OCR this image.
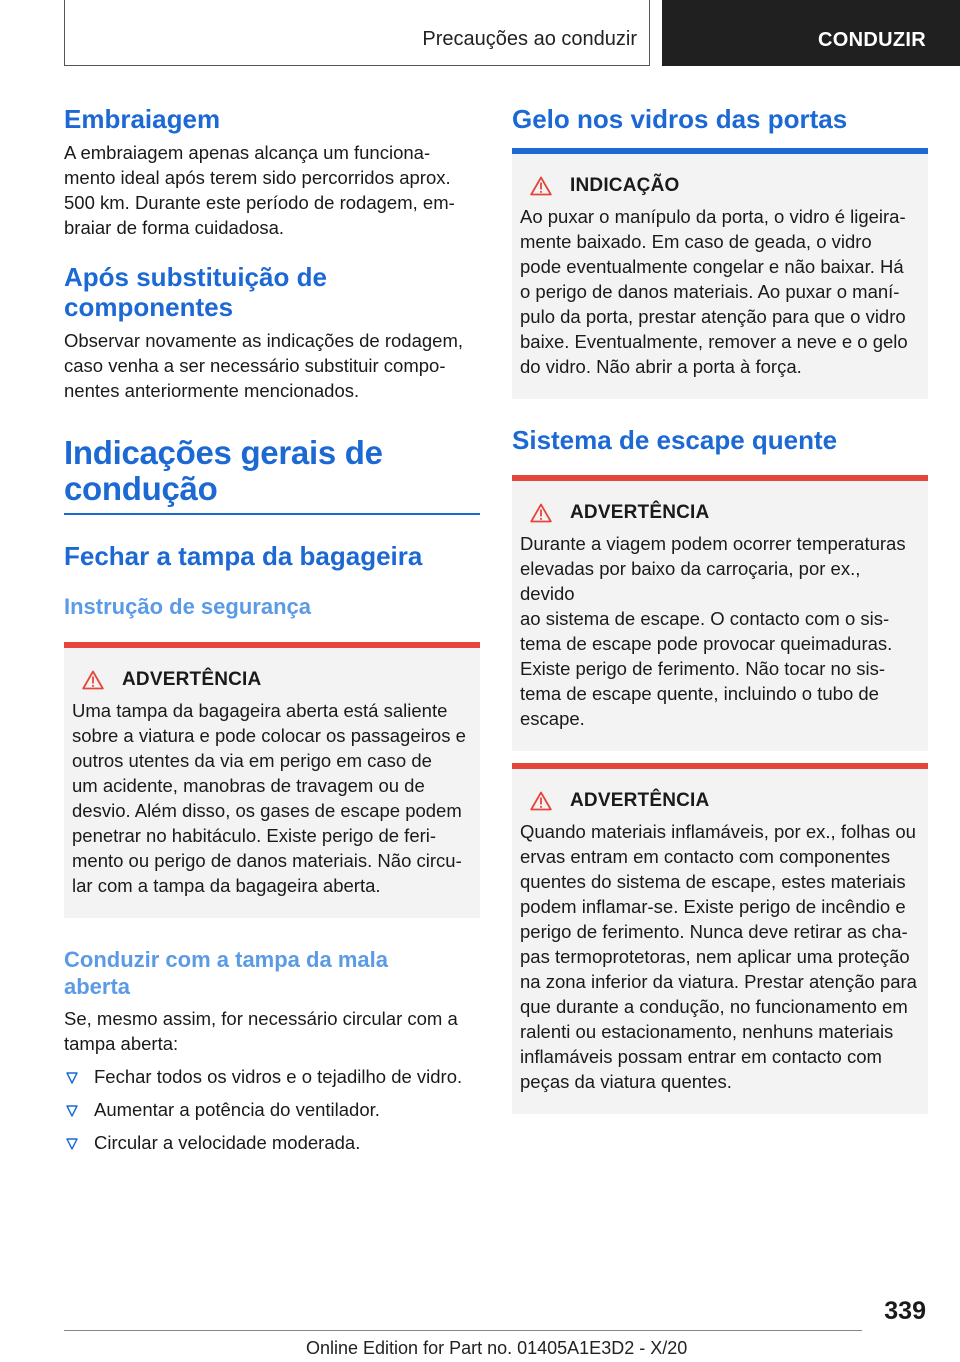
Precauções ao conduzir	CONDUZIR
Embraiagem
A embraiagem apenas alcança um funciona-
mento ideal após terem sido percorridos aprox.
500 km. Durante este período de rodagem, em-
braiar de forma cuidadosa.
Após substituição de
componentes
Observar novamente as indicações de rodagem,
caso venha a ser necessário substituir compo-
nentes anteriormente mencionados.
Indicações gerais de
condução
Fechar a tampa da bagageira
Instrução de segurança
ADVERTÊNCIA
Uma tampa da bagageira aberta está saliente
sobre a viatura e pode colocar os passageiros e
outros utentes da via em perigo em caso de
um acidente, manobras de travagem ou de
desvio. Além disso, os gases de escape podem
penetrar no habitáculo. Existe perigo de feri-
mento ou perigo de danos materiais. Não circu-
lar com a tampa da bagageira aberta.
Conduzir com a tampa da mala
aberta
Se, mesmo assim, for necessário circular com a
tampa aberta:
Fechar todos os vidros e o tejadilho de vidro.
Aumentar a potência do ventilador.
Circular a velocidade moderada.
Gelo nos vidros das portas
INDICAÇÃO
Ao puxar o manípulo da porta, o vidro é ligeira-
mente baixado. Em caso de geada, o vidro
pode eventualmente congelar e não baixar. Há
o perigo de danos materiais. Ao puxar o maní-
pulo da porta, prestar atenção para que o vidro
baixe. Eventualmente, remover a neve e o gelo
do vidro. Não abrir a porta à força.
Sistema de escape quente
ADVERTÊNCIA
Durante a viagem podem ocorrer temperaturas
elevadas por baixo da carroçaria, por ex., devido
ao sistema de escape. O contacto com o sis-
tema de escape pode provocar queimaduras.
Existe perigo de ferimento. Não tocar no sis-
tema de escape quente, incluindo o tubo de
escape.
ADVERTÊNCIA
Quando materiais inflamáveis, por ex., folhas ou
ervas entram em contacto com componentes
quentes do sistema de escape, estes materiais
podem inflamar-se. Existe perigo de incêndio e
perigo de ferimento. Nunca deve retirar as cha-
pas termoprotetoras, nem aplicar uma proteção
na zona inferior da viatura. Prestar atenção para
que durante a condução, no funcionamento em
ralenti ou estacionamento, nenhuns materiais
inflamáveis possam entrar em contacto com
peças da viatura quentes.
339
Online Edition for Part no. 01405A1E3D2 - X/20
